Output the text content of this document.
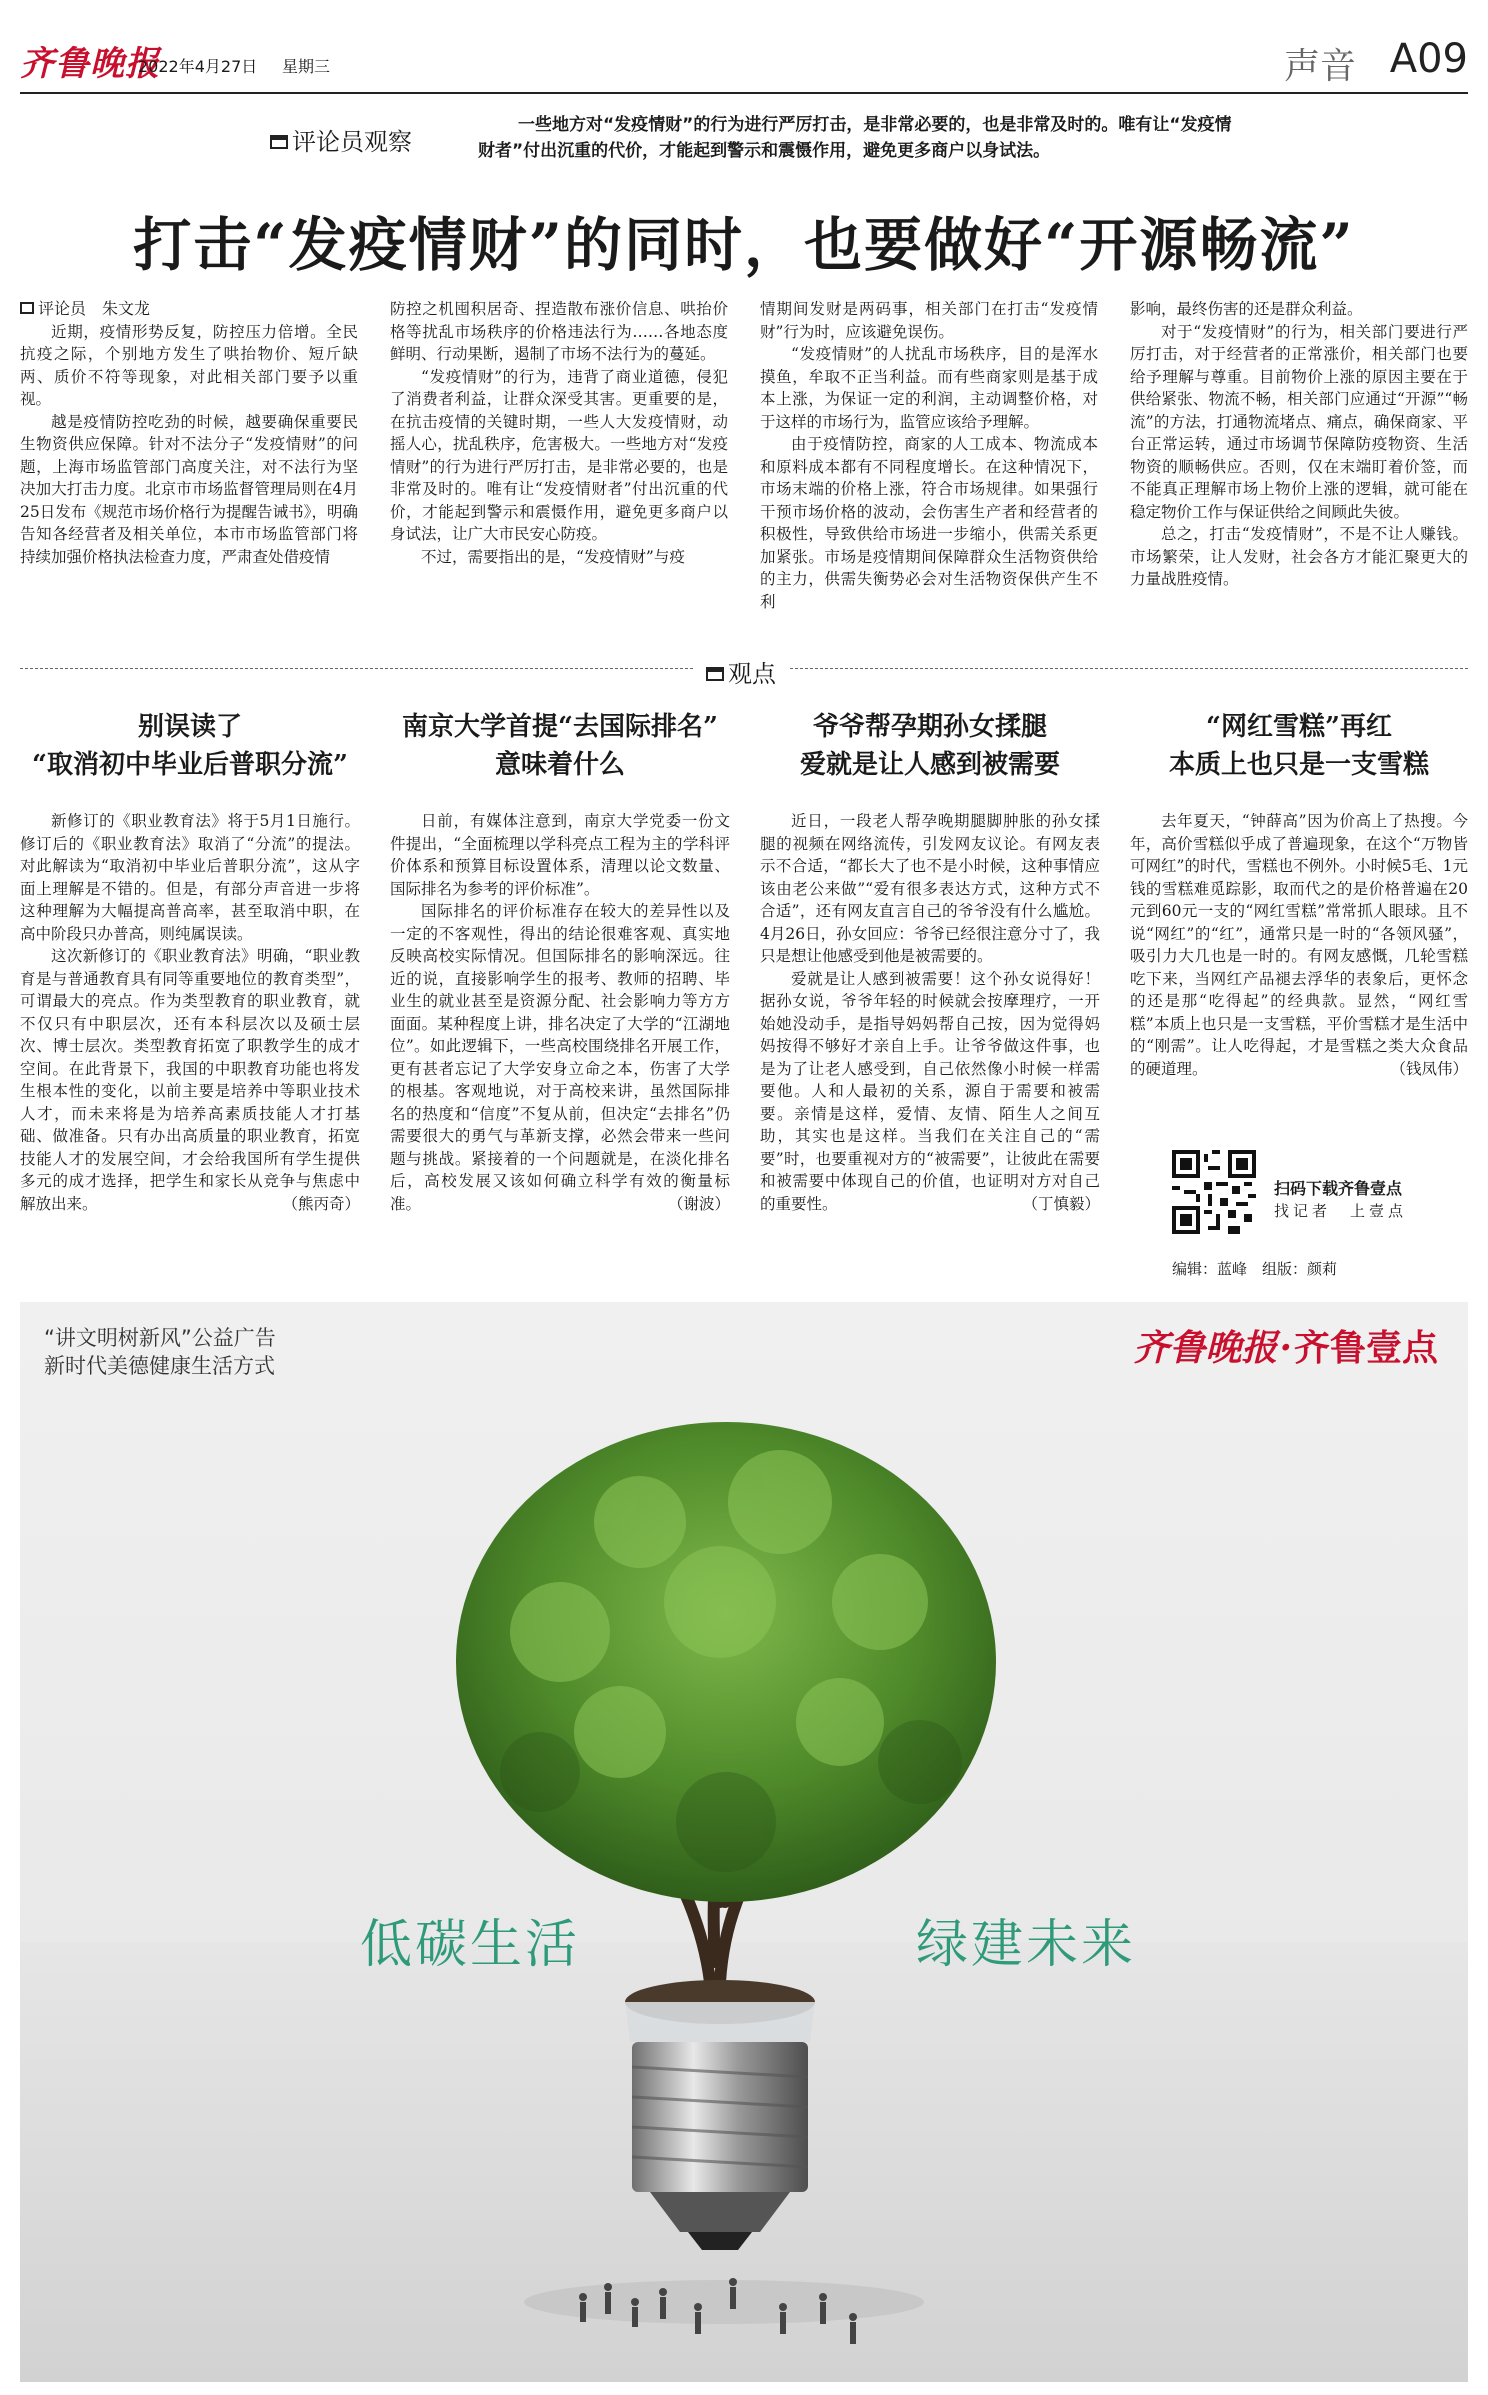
齐鲁晚报
2022年4月27日 星期三	声音 A09
评论员观察
一些地方对“发疫情财”的行为进行严厉打击，是非常必要的，也是非常及时的。唯有让“发疫情财者”付出沉重的代价，才能起到警示和震慑作用，避免更多商户以身试法。
打击“发疫情财”的同时，也要做好“开源畅流”

评论员　朱文龙

近期，疫情形势反复，防控压力倍增。全民抗疫之际，个别地方发生了哄抬物价、短斤缺两、质价不符等现象，对此相关部门要予以重视。

越是疫情防控吃劲的时候，越要确保重要民生物资供应保障。针对不法分子“发疫情财”的问题，上海市场监管部门高度关注，对不法行为坚决加大打击力度。北京市市场监督管理局则在4月25日发布《规范市场价格行为提醒告诫书》，明确告知各经营者及相关单位，本市市场监管部门将持续加强价格执法检查力度，严肃查处借疫情

防控之机囤积居奇、捏造散布涨价信息、哄抬价格等扰乱市场秩序的价格违法行为……各地态度鲜明、行动果断，遏制了市场不法行为的蔓延。

“发疫情财”的行为，违背了商业道德，侵犯了消费者利益，让群众深受其害。更重要的是，在抗击疫情的关键时期，一些人大发疫情财，动摇人心，扰乱秩序，危害极大。一些地方对“发疫情财”的行为进行严厉打击，是非常必要的，也是非常及时的。唯有让“发疫情财者”付出沉重的代价，才能起到警示和震慑作用，避免更多商户以身试法，让广大市民安心防疫。

不过，需要指出的是，“发疫情财”与疫

情期间发财是两码事，相关部门在打击“发疫情财”行为时，应该避免误伤。

“发疫情财”的人扰乱市场秩序，目的是浑水摸鱼，牟取不正当利益。而有些商家则是基于成本上涨，为保证一定的利润，主动调整价格，对于这样的市场行为，监管应该给予理解。

由于疫情防控，商家的人工成本、物流成本和原料成本都有不同程度增长。在这种情况下，市场末端的价格上涨，符合市场规律。如果强行干预市场价格的波动，会伤害生产者和经营者的积极性，导致供给市场进一步缩小，供需关系更加紧张。市场是疫情期间保障群众生活物资供给的主力，供需失衡势必会对生活物资保供产生不利

影响，最终伤害的还是群众利益。

对于“发疫情财”的行为，相关部门要进行严厉打击，对于经营者的正常涨价，相关部门也要给予理解与尊重。目前物价上涨的原因主要在于供给紧张、物流不畅，相关部门应通过“开源”“畅流”的方法，打通物流堵点、痛点，确保商家、平台正常运转，通过市场调节保障防疫物资、生活物资的顺畅供应。否则，仅在末端盯着价签，而不能真正理解市场上物价上涨的逻辑，就可能在稳定物价工作与保证供给之间顾此失彼。

总之，打击“发疫情财”，不是不让人赚钱。市场繁荣，让人发财，社会各方才能汇聚更大的力量战胜疫情。

观点
别误读了
“取消初中毕业后普职分流”

新修订的《职业教育法》将于5月1日施行。修订后的《职业教育法》取消了“分流”的提法。对此解读为“取消初中毕业后普职分流”，这从字面上理解是不错的。但是，有部分声音进一步将这种理解为大幅提高普高率，甚至取消中职，在高中阶段只办普高，则纯属误读。

这次新修订的《职业教育法》明确，“职业教育是与普通教育具有同等重要地位的教育类型”，可谓最大的亮点。作为类型教育的职业教育，就不仅只有中职层次，还有本科层次以及硕士层次、博士层次。类型教育拓宽了职教学生的成才空间。在此背景下，我国的中职教育功能也将发生根本性的变化，以前主要是培养中等职业技术人才，而未来将是为培养高素质技能人才打基础、做准备。只有办出高质量的职业教育，拓宽技能人才的发展空间，才会给我国所有学生提供多元的成才选择，把学生和家长从竞争与焦虑中解放出来。	（熊丙奇）

南京大学首提“去国际排名”
意味着什么

日前，有媒体注意到，南京大学党委一份文件提出，“全面梳理以学科亮点工程为主的学科评价体系和预算目标设置体系，清理以论文数量、国际排名为参考的评价标准”。

国际排名的评价标准存在较大的差异性以及一定的不客观性，得出的结论很难客观、真实地反映高校实际情况。但国际排名的影响深远。往近的说，直接影响学生的报考、教师的招聘、毕业生的就业甚至是资源分配、社会影响力等方方面面。某种程度上讲，排名决定了大学的“江湖地位”。如此逻辑下，一些高校围绕排名开展工作，更有甚者忘记了大学安身立命之本，伤害了大学的根基。客观地说，对于高校来讲，虽然国际排名的热度和“信度”不复从前，但决定“去排名”仍需要很大的勇气与革新支撑，必然会带来一些问题与挑战。紧接着的一个问题就是，在淡化排名后，高校发展又该如何确立科学有效的衡量标准。	（谢波）

爷爷帮孕期孙女揉腿
爱就是让人感到被需要

近日，一段老人帮孕晚期腿脚肿胀的孙女揉腿的视频在网络流传，引发网友议论。有网友表示不合适，“都长大了也不是小时候，这种事情应该由老公来做”“爱有很多表达方式，这种方式不合适”，还有网友直言自己的爷爷没有什么尴尬。4月26日，孙女回应：爷爷已经很注意分寸了，我只是想让他感受到他是被需要的。

爱就是让人感到被需要！这个孙女说得好！据孙女说，爷爷年轻的时候就会按摩理疗，一开始她没动手，是指导妈妈帮自己按，因为觉得妈妈按得不够好才亲自上手。让爷爷做这件事，也是为了让老人感受到，自己依然像小时候一样需要他。人和人最初的关系，源自于需要和被需要。亲情是这样，爱情、友情、陌生人之间互助，其实也是这样。当我们在关注自己的“需要”时，也要重视对方的“被需要”，让彼此在需要和被需要中体现自己的价值，也证明对方对自己的重要性。	（丁慎毅）

“网红雪糕”再红
本质上也只是一支雪糕

去年夏天，“钟薛高”因为价高上了热搜。今年，高价雪糕似乎成了普遍现象，在这个“万物皆可网红”的时代，雪糕也不例外。小时候5毛、1元钱的雪糕难觅踪影，取而代之的是价格普遍在20元到60元一支的“网红雪糕”常常抓人眼球。且不说“网红”的“红”，通常只是一时的“各领风骚”，吸引力大几也是一时的。有网友感慨，几轮雪糕吃下来，当网红产品褪去浮华的表象后，更怀念的还是那“吃得起”的经典款。显然，“网红雪糕”本质上也只是一支雪糕，平价雪糕才是生活中的“刚需”。让人吃得起，才是雪糕之类大众食品的硬道理。	（钱凤伟）

扫码下载齐鲁壹点
找记者　上壹点
编辑：蓝峰　组版：颜莉
“讲文明树新风”公益广告
新时代美德健康生活方式	齐鲁晚报·齐鲁壹点
低碳生活	绿建未来
